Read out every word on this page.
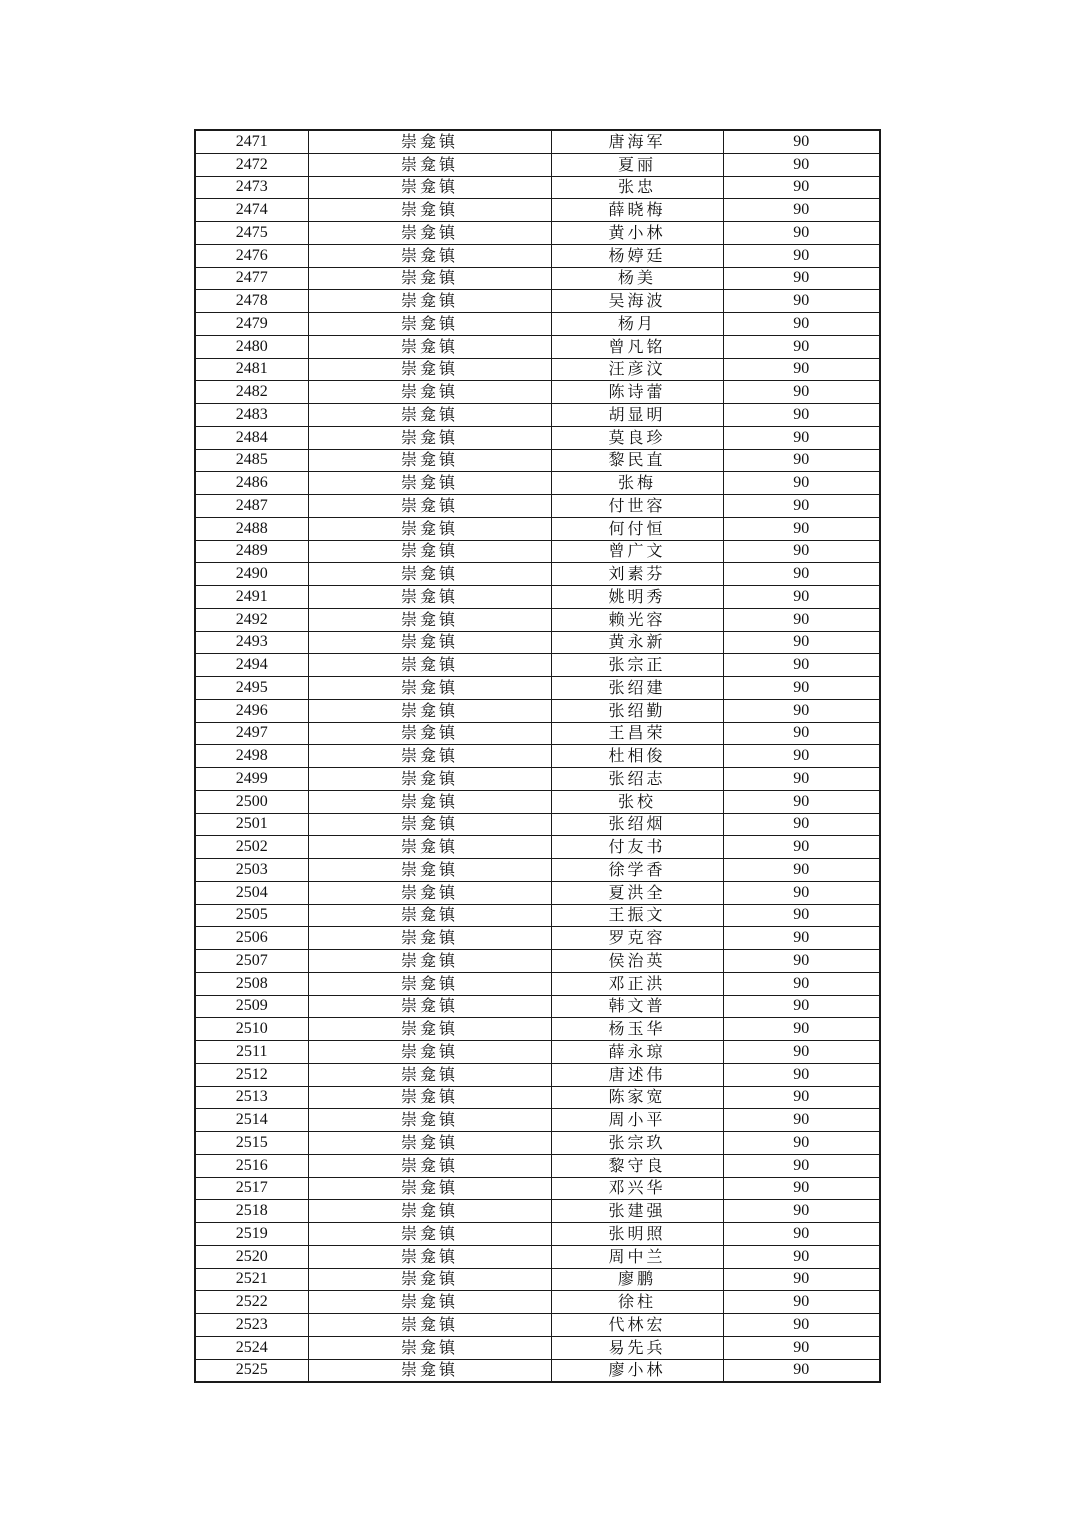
2471	崇龛镇	唐海军	90
2472	崇龛镇	夏丽	90
2473	崇龛镇	张忠	90
2474	崇龛镇	薛晓梅	90
2475	崇龛镇	黄小林	90
2476	崇龛镇	杨婷廷	90
2477	崇龛镇	杨美	90
2478	崇龛镇	吴海波	90
2479	崇龛镇	杨月	90
2480	崇龛镇	曾凡铭	90
2481	崇龛镇	汪彦汶	90
2482	崇龛镇	陈诗蕾	90
2483	崇龛镇	胡显明	90
2484	崇龛镇	莫良珍	90
2485	崇龛镇	黎民直	90
2486	崇龛镇	张梅	90
2487	崇龛镇	付世容	90
2488	崇龛镇	何付恒	90
2489	崇龛镇	曾广文	90
2490	崇龛镇	刘素芬	90
2491	崇龛镇	姚明秀	90
2492	崇龛镇	赖光容	90
2493	崇龛镇	黄永新	90
2494	崇龛镇	张宗正	90
2495	崇龛镇	张绍建	90
2496	崇龛镇	张绍勤	90
2497	崇龛镇	王昌荣	90
2498	崇龛镇	杜相俊	90
2499	崇龛镇	张绍志	90
2500	崇龛镇	张校	90
2501	崇龛镇	张绍烟	90
2502	崇龛镇	付友书	90
2503	崇龛镇	徐学香	90
2504	崇龛镇	夏洪全	90
2505	崇龛镇	王振文	90
2506	崇龛镇	罗克容	90
2507	崇龛镇	侯治英	90
2508	崇龛镇	邓正洪	90
2509	崇龛镇	韩文普	90
2510	崇龛镇	杨玉华	90
2511	崇龛镇	薛永琼	90
2512	崇龛镇	唐述伟	90
2513	崇龛镇	陈家宽	90
2514	崇龛镇	周小平	90
2515	崇龛镇	张宗玖	90
2516	崇龛镇	黎守良	90
2517	崇龛镇	邓兴华	90
2518	崇龛镇	张建强	90
2519	崇龛镇	张明照	90
2520	崇龛镇	周中兰	90
2521	崇龛镇	廖鹏	90
2522	崇龛镇	徐柱	90
2523	崇龛镇	代林宏	90
2524	崇龛镇	易先兵	90
2525	崇龛镇	廖小林	90
